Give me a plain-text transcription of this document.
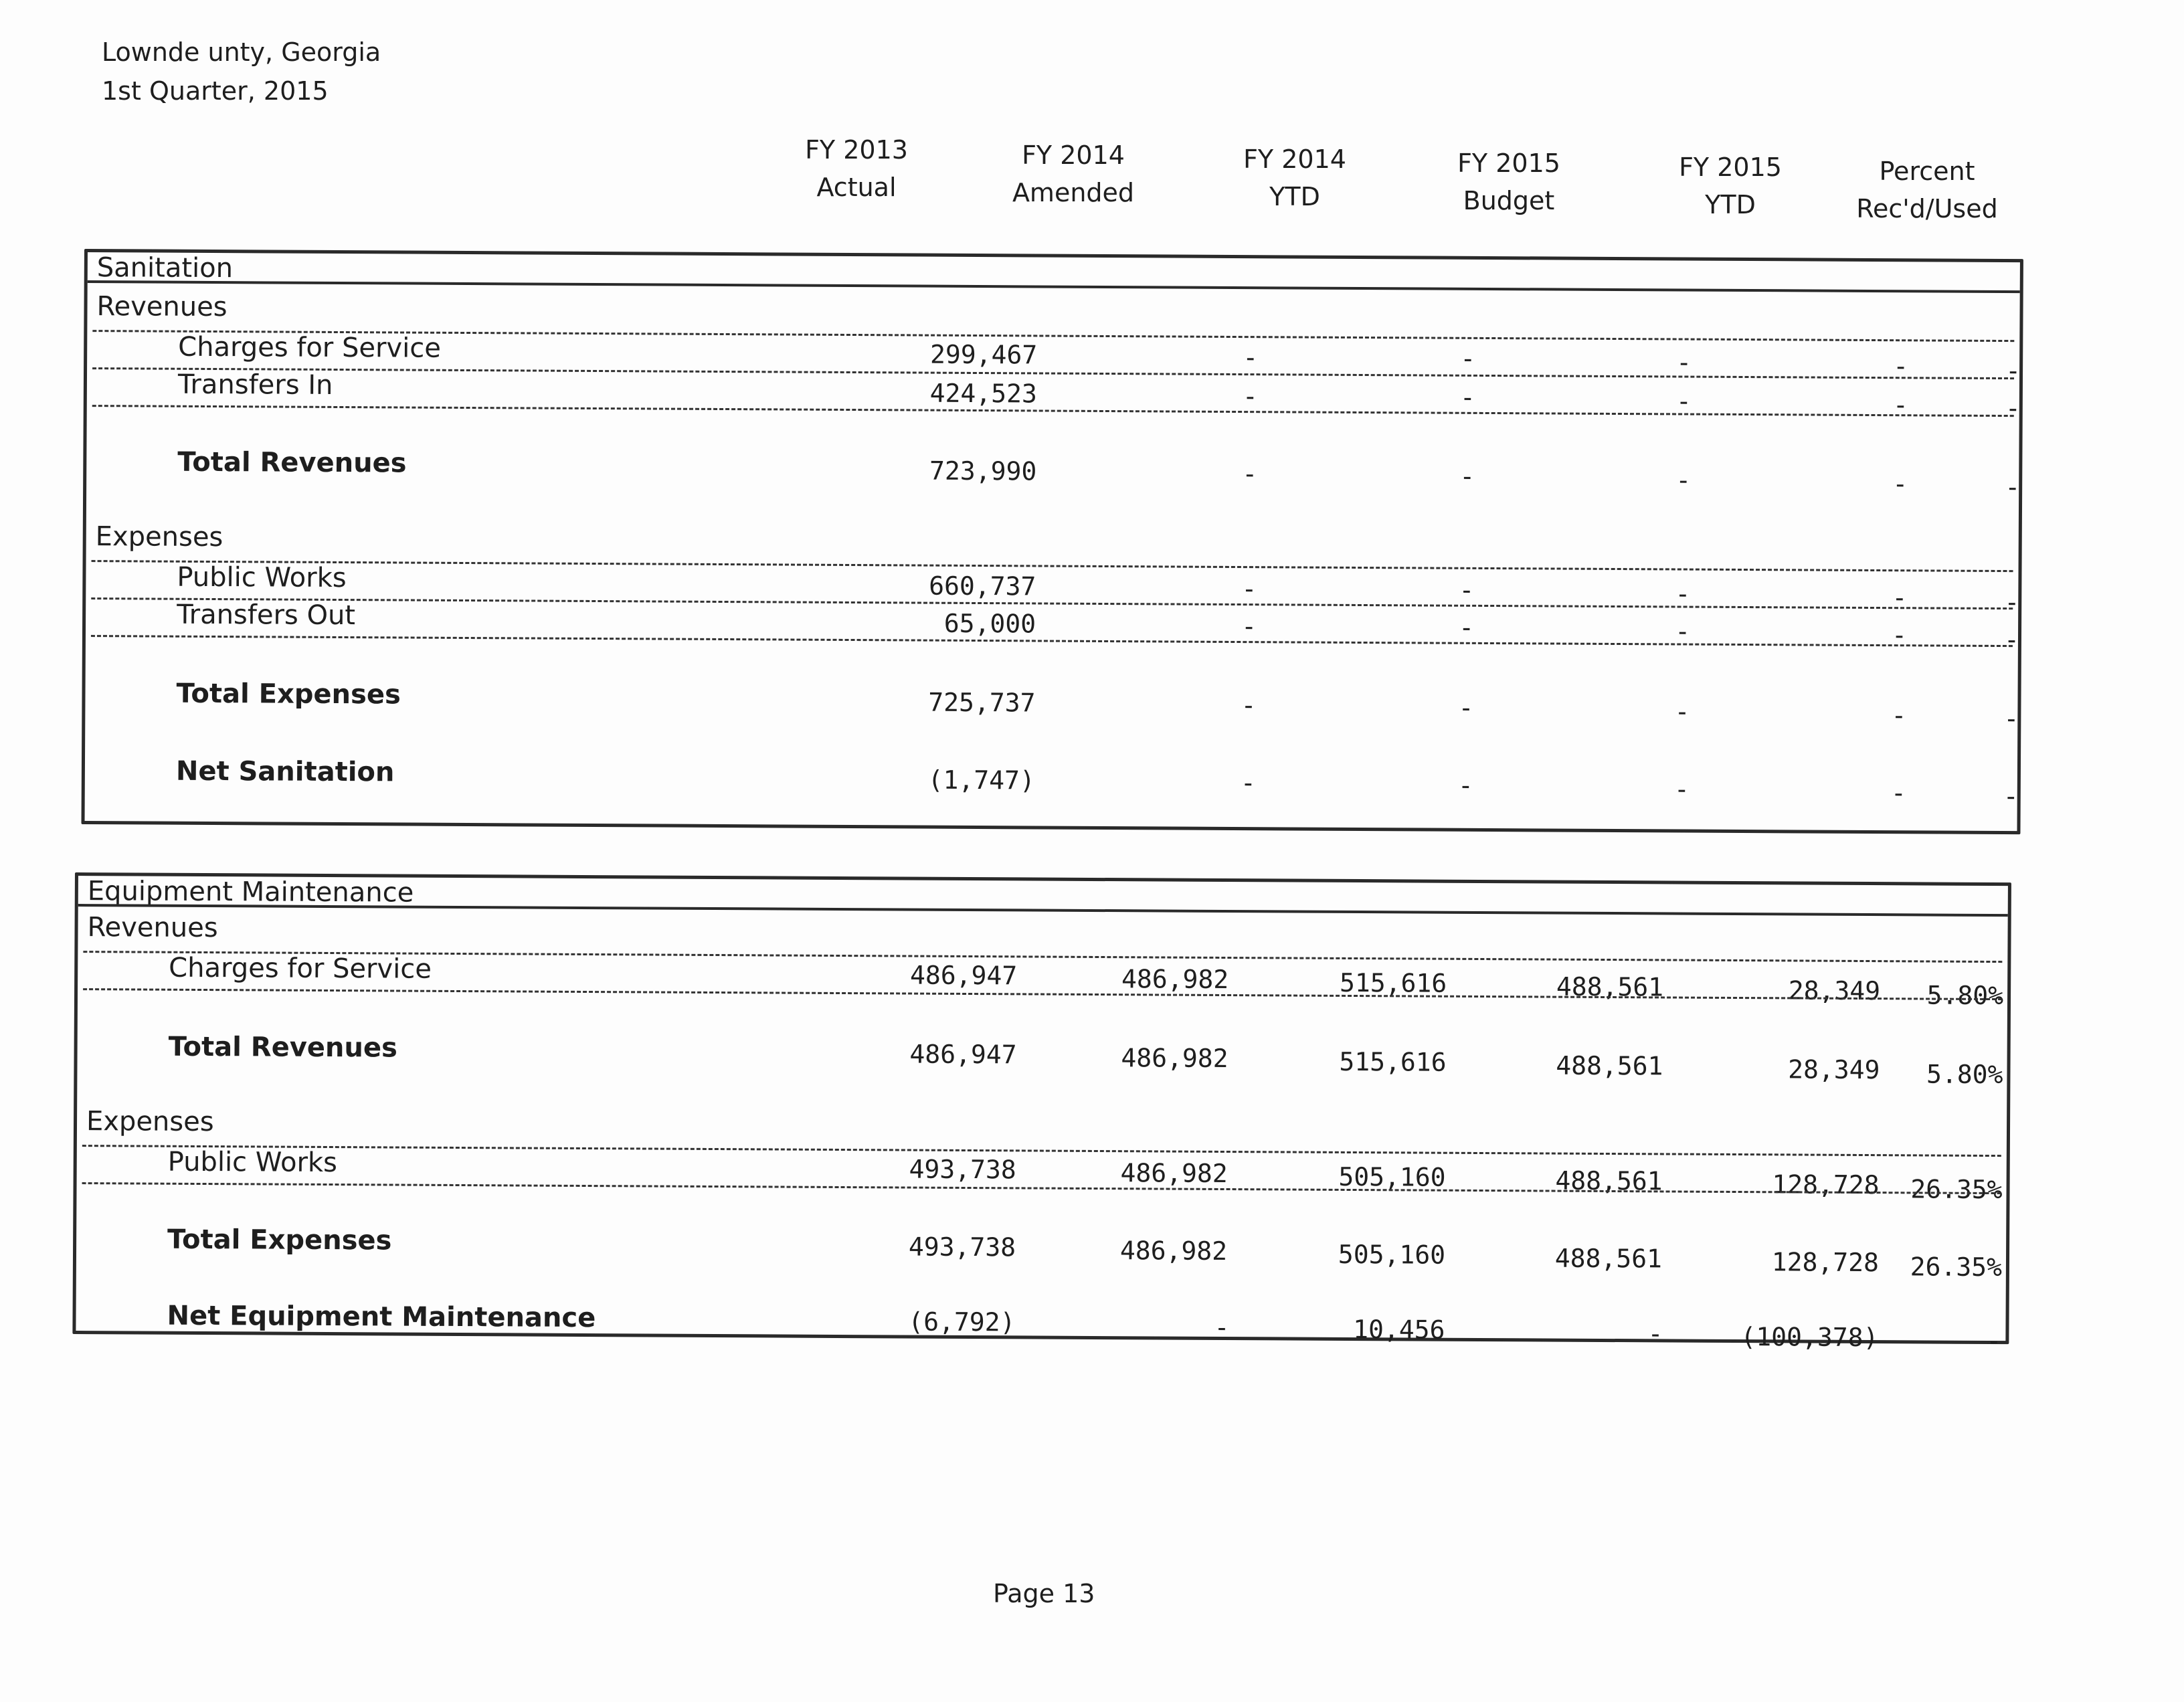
Lownde unty, Georgia
1st Quarter, 2015
FY 2013
Actual
FY 2014
Amended
FY 2014
YTD
FY 2015
Budget
FY 2015
YTD
Percent
Rec'd/Used
Sanitation
Revenues
Charges for Service	299,467	-	-	-	-	-
Transfers In	424,523	-	-	-	-	-
Total Revenues	723,990	-	-	-	-	-
Expenses
Public Works	660,737	-	-	-	-	-
Transfers Out	65,000	-	-	-	-	-
Total Expenses	725,737	-	-	-	-	-
Net Sanitation	(1,747)	-	-	-	-	-
Equipment Maintenance
Revenues
Charges for Service	486,947	486,982	515,616	488,561	28,349	5.80%
Total Revenues	486,947	486,982	515,616	488,561	28,349	5.80%
Expenses
Public Works	493,738	486,982	505,160	488,561	128,728	26.35%
Total Expenses	493,738	486,982	505,160	488,561	128,728	26.35%
Net Equipment Maintenance	(6,792)	-	10,456	-	(100,378)	-
Page 13
